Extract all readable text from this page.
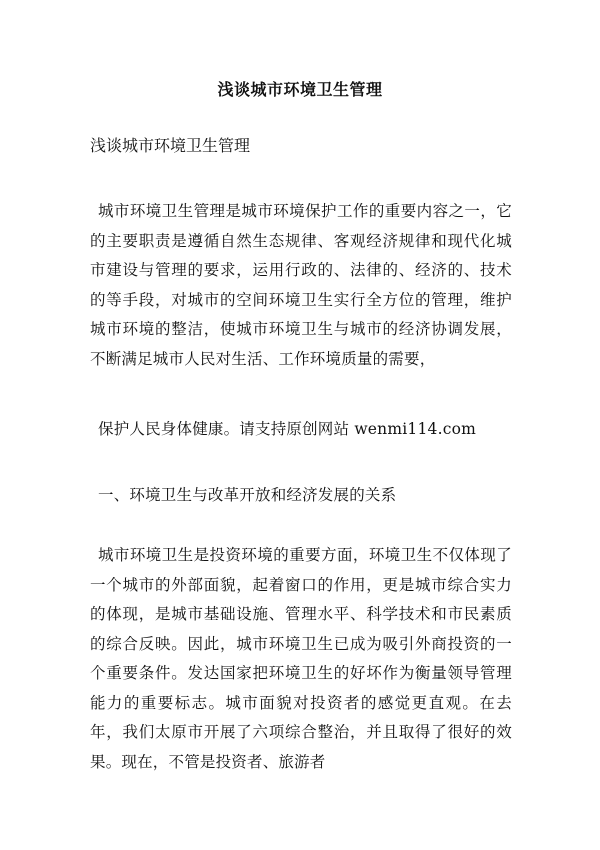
浅谈城市环境卫生管理
浅谈城市环境卫生管理
城市环境卫生管理是城市环境保护工作的重要内容之一，它的主要职责是遵循自然生态规律、客观经济规律和现代化城市建设与管理的要求，运用行政的、法律的、经济的、技术的等手段，对城市的空间环境卫生实行全方位的管理，维护城市环境的整洁，使城市环境卫生与城市的经济协调发展，不断满足城市人民对生活、工作环境质量的需要，
保护人民身体健康。请支持原创网站 wenmi114.com
一、环境卫生与改革开放和经济发展的关系
城市环境卫生是投资环境的重要方面，环境卫生不仅体现了一个城市的外部面貌，起着窗口的作用，更是城市综合实力的体现，是城市基础设施、管理水平、科学技术和市民素质的综合反映。因此，城市环境卫生已成为吸引外商投资的一个重要条件。发达国家把环境卫生的好坏作为衡量领导管理能力的重要标志。城市面貌对投资者的感觉更直观。在去年，我们太原市开展了六项综合整治，并且取得了很好的效果。现在，不管是投资者、旅游者
